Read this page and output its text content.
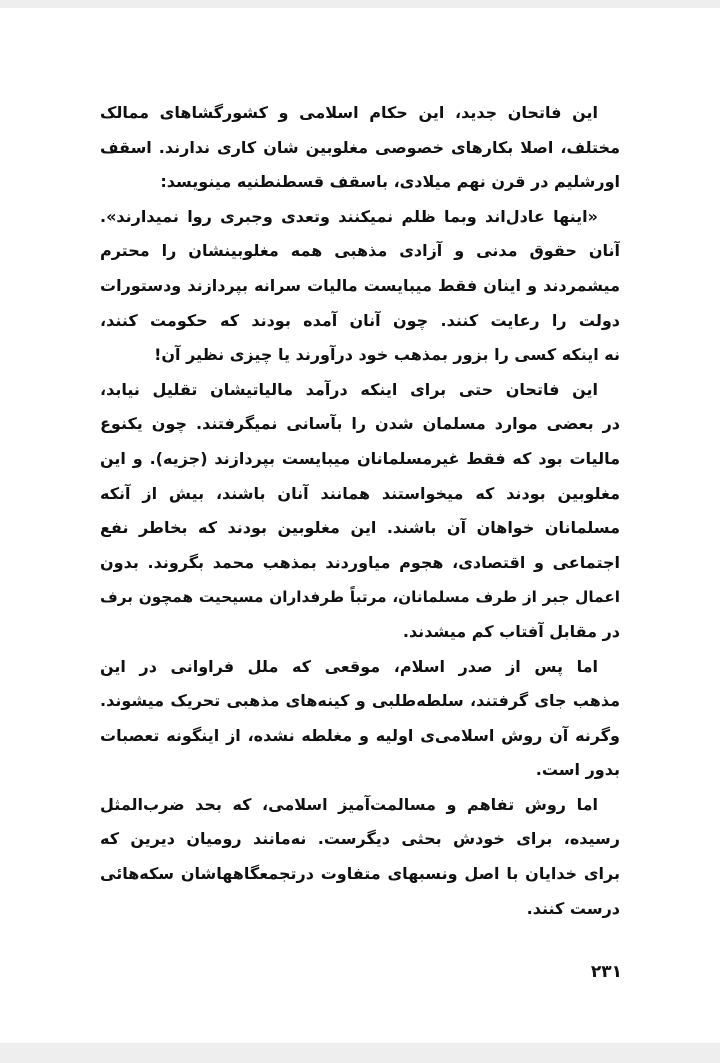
این فاتحان جدید، این حکام اسلامی و کشورگشاهای ممالک
مختلف، اصلا بکارهای خصوصی مغلوبین شان کاری ندارند. اسقف
اورشلیم در قرن نهم میلادی، باسقف قسطنطنیه مینویسد:
«اینها عادل‌اند وبما ظلم نمیکنند وتعدی وجبری روا نمیدارند».
آنان حقوق مدنی و آزادی مذهبی همه مغلوبینشان را محترم
میشمردند و اینان فقط میبایست مالیات سرانه بپردازند ودستورات
دولت را رعایت کنند. چون آنان آمده بودند که حکومت کنند،
نه اینکه کسی را بزور بمذهب خود درآورند یا چیزی نظیر آن!
این فاتحان حتی برای اینکه درآمد مالیاتیشان تقلیل نیابد،
در بعضی موارد مسلمان شدن را بآسانی نمیگرفتند. چون یکنوع
مالیات بود که فقط غیرمسلمانان میبایست بپردازند (جزیه). و این
مغلوبین بودند که میخواستند همانند آنان باشند، بیش از آنکه
مسلمانان خواهان آن باشند. این مغلوبین بودند که بخاطر نفع
اجتماعی و اقتصادی، هجوم میاوردند بمذهب محمد بگروند. بدون
اعمال جبر از طرف مسلمانان، مرتباً طرفداران مسیحیت همچون برف
در مقابل آفتاب کم میشدند.
اما پس از صدر اسلام، موقعی که ملل فراوانی در این
مذهب جای گرفتند، سلطه‌طلبی و کینه‌های مذهبی تحریک میشوند.
وگرنه آن روش اسلامی‌ی اولیه و مغلطه نشده، از اینگونه تعصبات
بدور است.
اما روش تفاهم و مسالمت‌آمیز اسلامی، که بحد ضرب‌المثل
رسیده، برای خودش بحثی دیگرست. نه‌مانند رومیان دیرین که
برای خدایان با اصل ونسبهای متفاوت درتجمعگاههاشان سکه‌هائی
درست کنند.
۲۳۱
